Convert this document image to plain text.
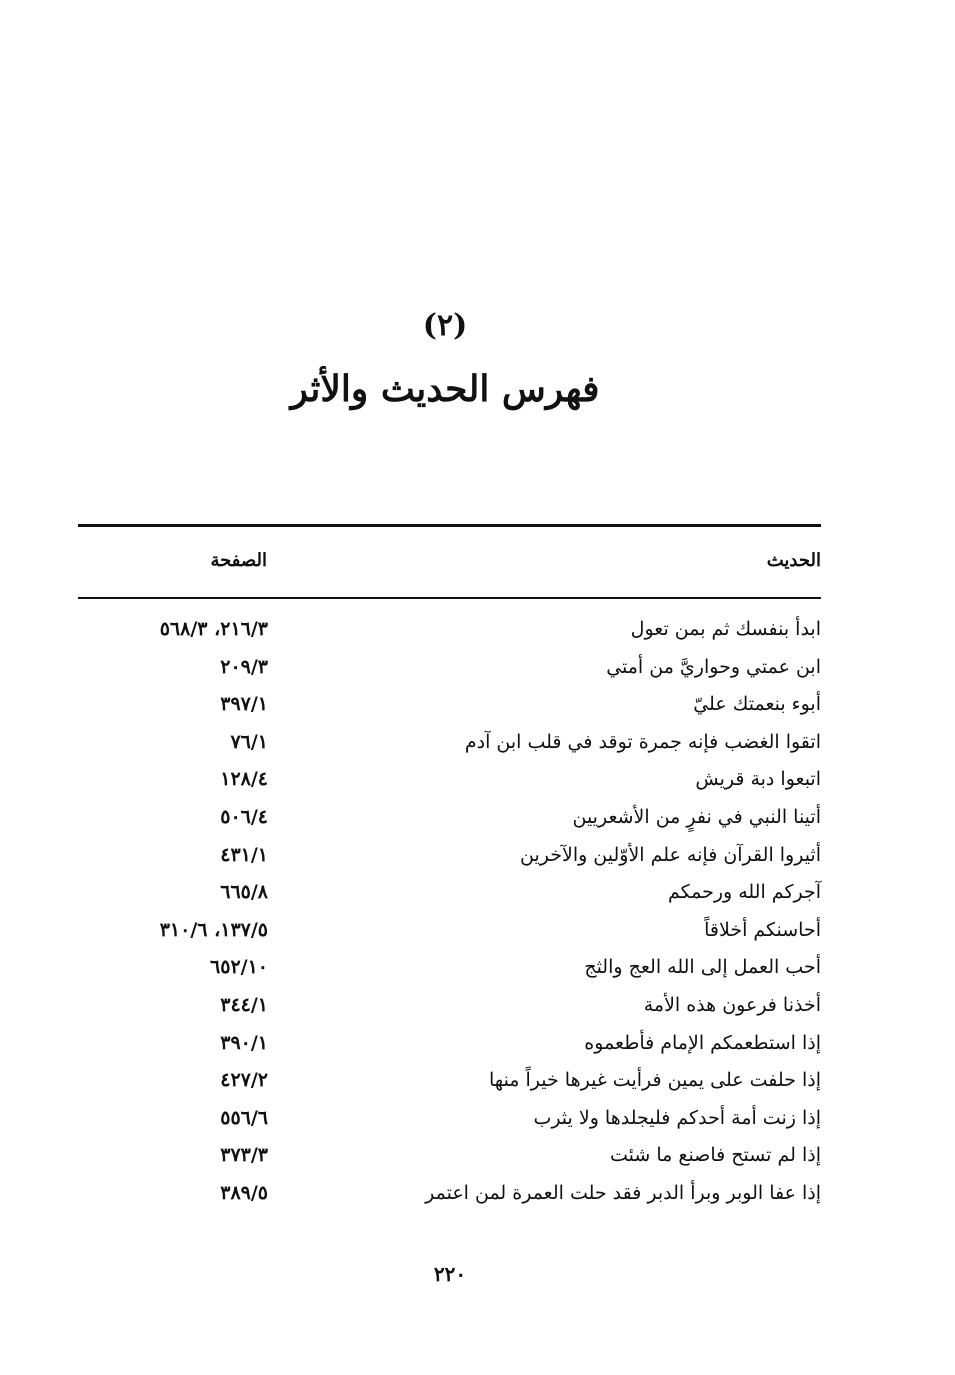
(٢)
فهرس الحديث والأثر
الحديث
الصفحة
ابدأ بنفسك ثم بمن تعول
٢١٦/٣، ٥٦٨/٣
ابن عمتي وحواريَّ من أمتي
٢٠٩/٣
أبوء بنعمتك عليّ
٣٩٧/١
اتقوا الغضب فإنه جمرة توقد في قلب ابن آدم
٧٦/١
اتبعوا دبة قريش
١٢٨/٤
أتينا النبي في نفرٍ من الأشعريين
٥٠٦/٤
أثيروا القرآن فإنه علم الأوّلين والآخرين
٤٣١/١
آجركم الله ورحمكم
٦٦٥/٨
أحاسنكم أخلاقاً
١٣٧/٥، ٣١٠/٦
أحب العمل إلى الله العج والثج
٦٥٢/١٠
أخذنا فرعون هذه الأمة
٣٤٤/١
إذا استطعمكم الإمام فأطعموه
٣٩٠/١
إذا حلفت على يمين فرأيت غيرها خيراً منها
٤٢٧/٢
إذا زنت أمة أحدكم فليجلدها ولا يثرب
٥٥٦/٦
إذا لم تستح فاصنع ما شئت
٣٧٣/٣
إذا عفا الوبر وبرأ الدبر فقد حلت العمرة لمن اعتمر
٣٨٩/٥
٢٢٠
